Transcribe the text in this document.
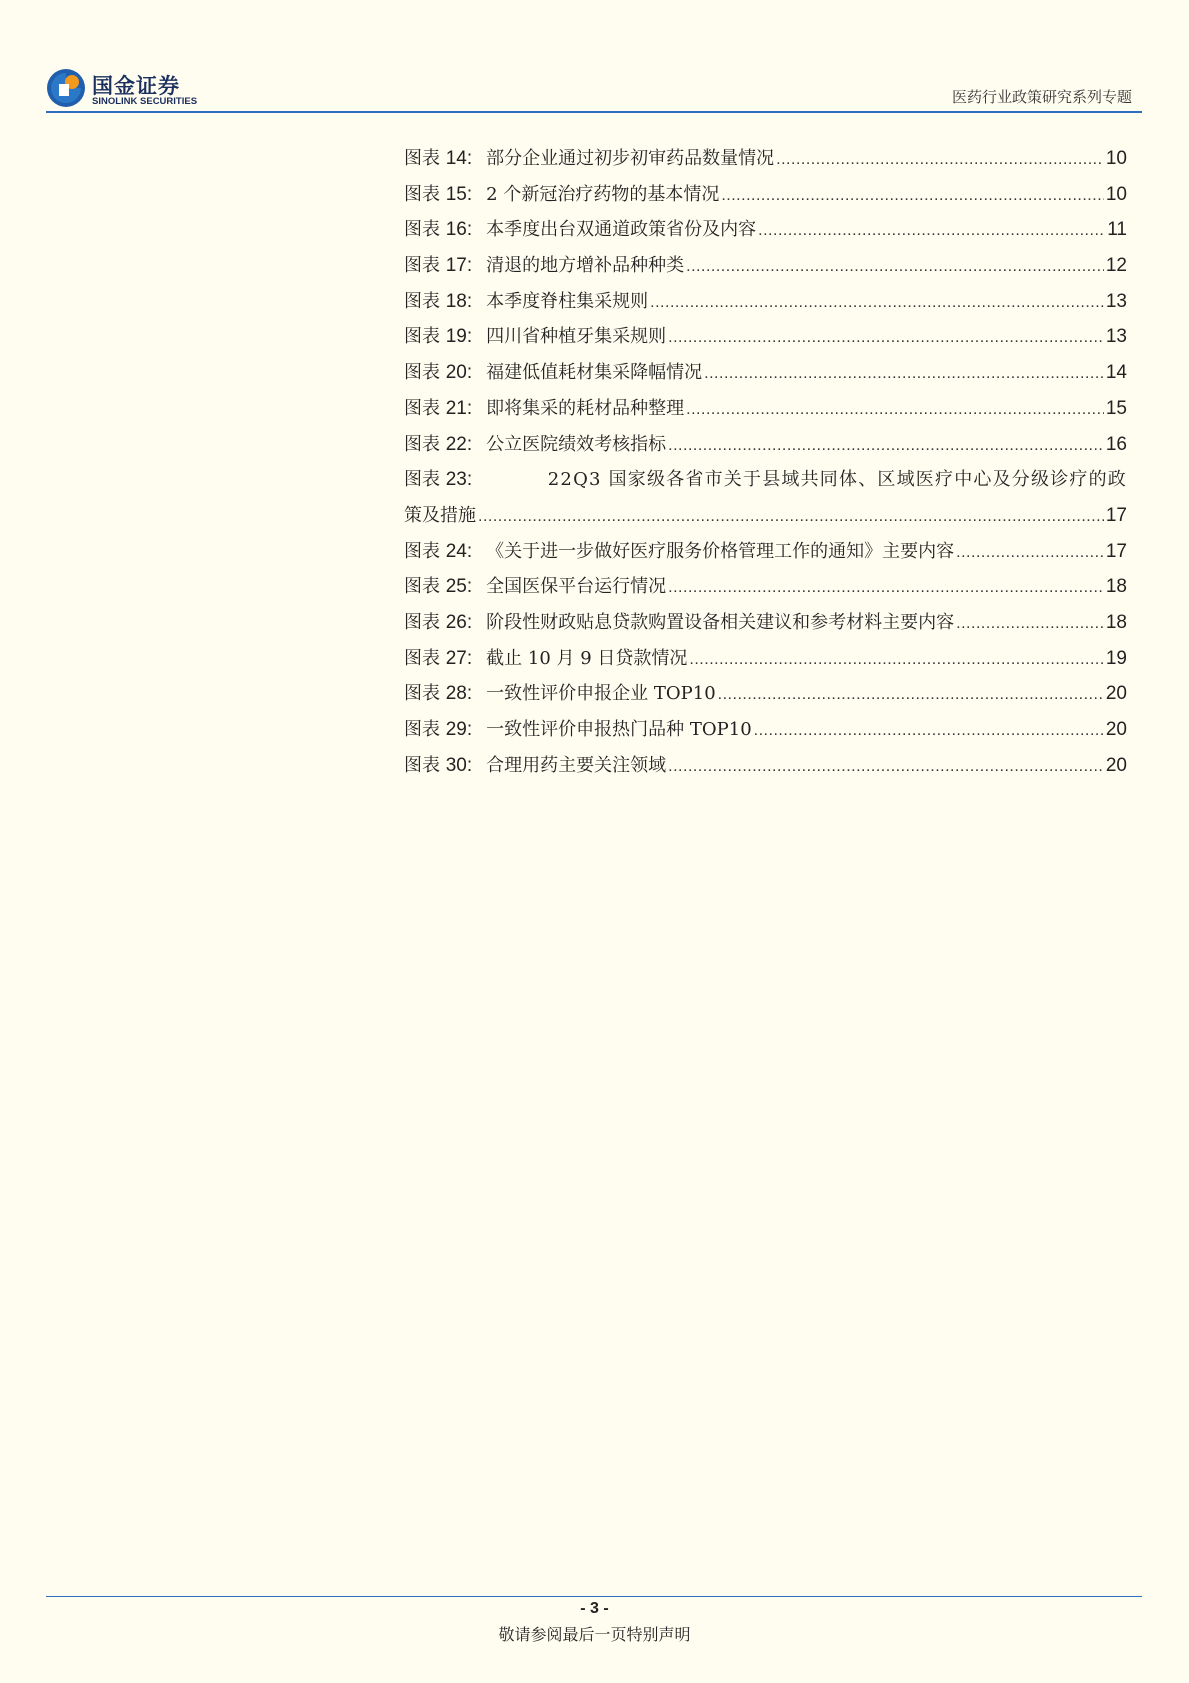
国金证券
SINOLINK SECURITIES	医药行业政策研究系列专题
图表 14: 部分企业通过初步初审药品数量情况 .....	10
图表 15: 2 个新冠治疗药物的基本情况 .....	10
图表 16: 本季度出台双通道政策省份及内容 .....	11
图表 17: 清退的地方增补品种种类 .....	12
图表 18: 本季度脊柱集采规则 .....	13
图表 19: 四川省种植牙集采规则 .....	13
图表 20: 福建低值耗材集采降幅情况 .....	14
图表 21: 即将集采的耗材品种整理 .....	15
图表 22: 公立医院绩效考核指标 .....	16
图表 23:	22Q3 国家级各省市关于县域共同体、区域医疗中心及分级诊疗的政
策及措施 .....	17
图表 24: 《关于进一步做好医疗服务价格管理工作的通知》主要内容 .....	17
图表 25: 全国医保平台运行情况 .....	18
图表 26: 阶段性财政贴息贷款购置设备相关建议和参考材料主要内容 .....	18
图表 27: 截止 10 月 9 日贷款情况 .....	19
图表 28: 一致性评价申报企业 TOP10 .....	20
图表 29: 一致性评价申报热门品种 TOP10 .....	20
图表 30: 合理用药主要关注领域 .....	20
- 3 -
敬请参阅最后一页特别声明
